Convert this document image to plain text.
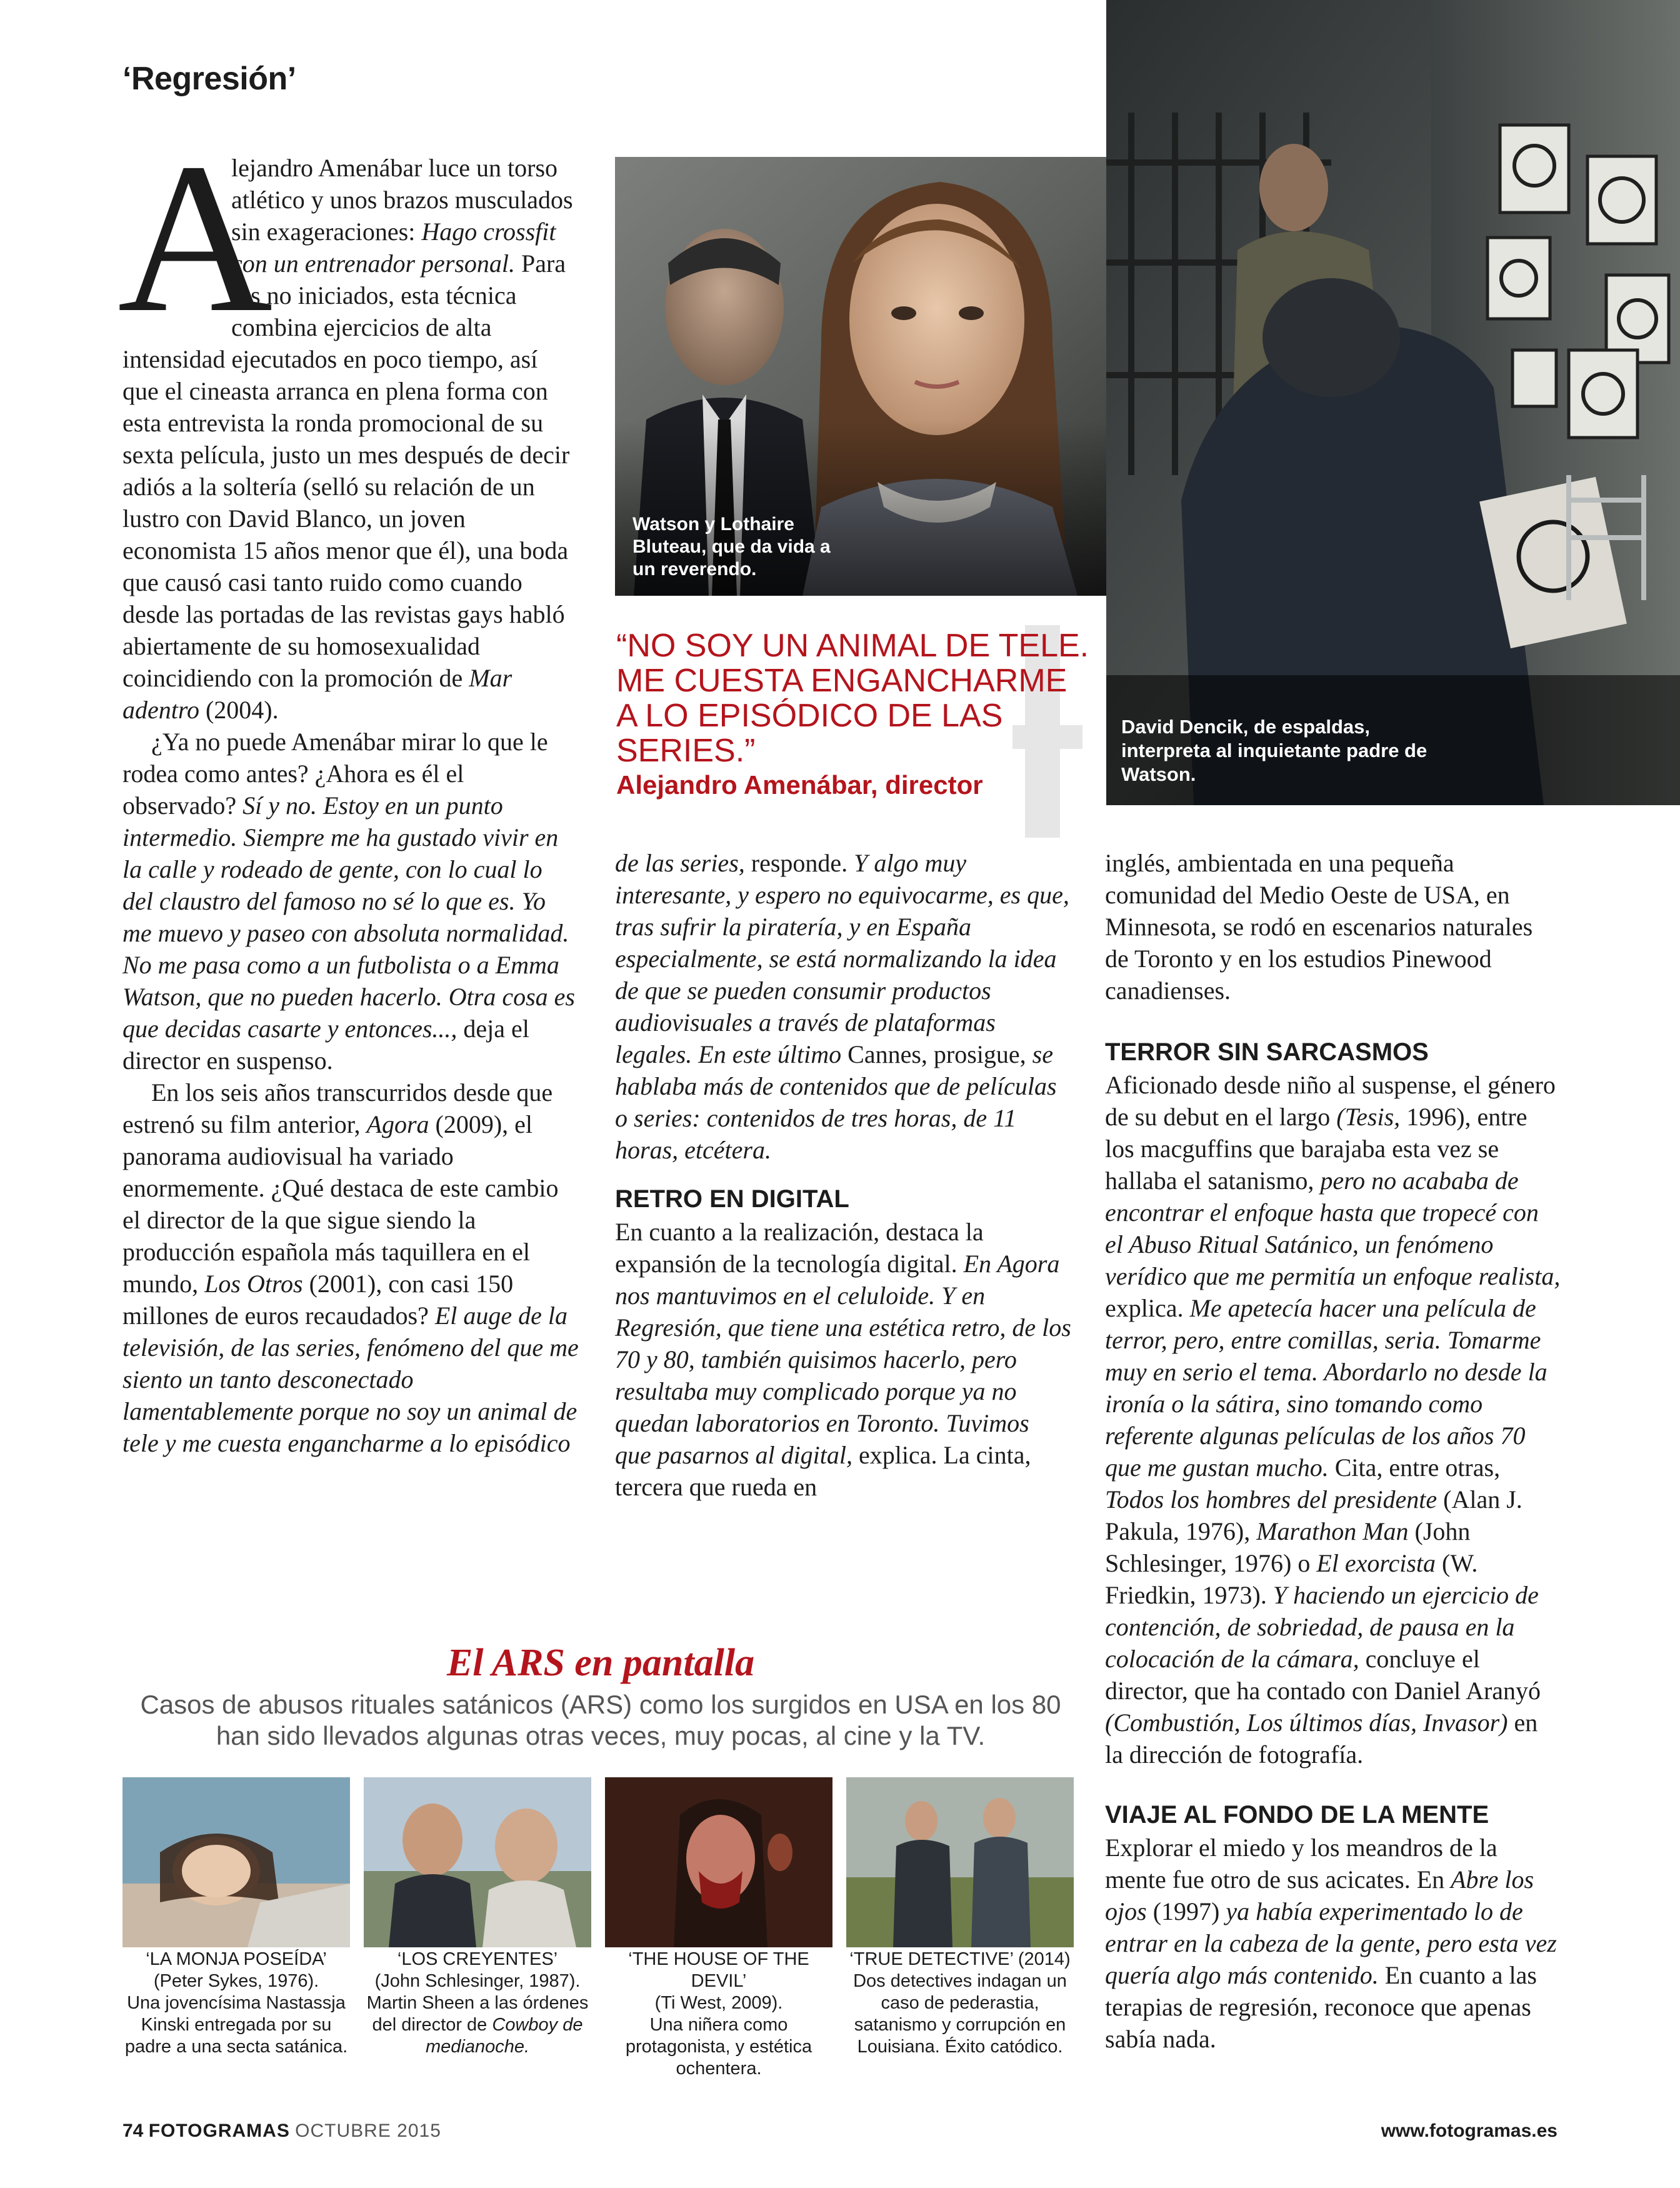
‘Regresión’
A

lejandro Amenábar luce un torso atlético y unos brazos musculados sin exageraciones: Hago crossfit con un entrenador personal. Para los no iniciados, esta técnica combina ejercicios de alta intensidad ejecutados en poco tiempo, así que el cineasta arranca en plena forma con esta entrevista la ronda promocional de su sexta película, justo un mes después de decir adiós a la soltería (selló su relación de un lustro con David Blanco, un joven economista 15 años menor que él), una boda que causó casi tanto ruido como cuando desde las portadas de las revistas gays habló abiertamente de su homosexualidad coincidiendo con la promoción de Mar adentro (2004).

¿Ya no puede Amenábar mirar lo que le rodea como antes? ¿Ahora es él el observado? Sí y no. Estoy en un punto intermedio. Siempre me ha gustado vivir en la calle y rodeado de gente, con lo cual lo del claustro del famoso no sé lo que es. Yo me muevo y paseo con absoluta normalidad. No me pasa como a un futbolista o a Emma Watson, que no pueden hacerlo. Otra cosa es que decidas casarte y entonces..., deja el director en suspenso.

En los seis años transcurridos desde que estrenó su film anterior, Agora (2009), el panorama audiovisual ha variado enormemente. ¿Qué destaca de este cambio el director de la que sigue siendo la producción española más taquillera en el mundo, Los Otros (2001), con casi 150 millones de euros recaudados? El auge de la televisión, de las series, fenómeno del que me siento un tanto desconectado lamentablemente porque no soy un animal de tele y me cuesta engancharme a lo episódico

Watson y Lothaire Bluteau, que da vida a un reverendo.
David Dencik, de espaldas, interpreta al inquietante padre de Watson.
“NO SOY UN ANIMAL DE TELE. ME CUESTA ENGANCHARME A LO EPISÓDICO DE LAS SERIES.”
Alejandro Amenábar, director

de las series, responde. Y algo muy interesante, y espero no equivocarme, es que, tras sufrir la piratería, y en España especialmente, se está normalizando la idea de que se pueden consumir productos audiovisuales a través de plataformas legales. En este último Cannes, prosigue, se hablaba más de contenidos que de películas o series: contenidos de tres horas, de 11 horas, etcétera.

RETRO EN DIGITAL

En cuanto a la realización, destaca la expansión de la tecnología digital. En Agora nos mantuvimos en el celuloide. Y en Regresión, que tiene una estética retro, de los 70 y 80, también quisimos hacerlo, pero resultaba muy complicado porque ya no quedan laboratorios en Toronto. Tuvimos que pasarnos al digital, explica. La cinta, tercera que rueda en

inglés, ambientada en una pequeña comunidad del Medio Oeste de USA, en Minnesota, se rodó en escenarios naturales de Toronto y en los estudios Pinewood canadienses.

TERROR SIN SARCASMOS

Aficionado desde niño al suspense, el género de su debut en el largo (Tesis, 1996), entre los macguffins que barajaba esta vez se hallaba el satanismo, pero no acababa de encontrar el enfoque hasta que tropecé con el Abuso Ritual Satánico, un fenómeno verídico que me permitía un enfoque realista, explica. Me apetecía hacer una película de terror, pero, entre comillas, seria. Tomarme muy en serio el tema. Abordarlo no desde la ironía o la sátira, sino tomando como referente algunas películas de los años 70 que me gustan mucho. Cita, entre otras, Todos los hombres del presidente (Alan J. Pakula, 1976), Marathon Man (John Schlesinger, 1976) o El exorcista (W. Friedkin, 1973). Y haciendo un ejercicio de contención, de sobriedad, de pausa en la colocación de la cámara, concluye el director, que ha contado con Daniel Aranyó (Combustión, Los últimos días, Invasor) en la dirección de fotografía.

VIAJE AL FONDO DE LA MENTE

Explorar el miedo y los meandros de la mente fue otro de sus acicates. En Abre los ojos (1997) ya había experimentado lo de entrar en la cabeza de la gente, pero esta vez quería algo más contenido. En cuanto a las terapias de regresión, reconoce que apenas sabía nada.

El ARS en pantalla
Casos de abusos rituales satánicos (ARS) como los surgidos en USA en los 80 han sido llevados algunas otras veces, muy pocas, al cine y la TV.
‘LA MONJA POSEÍDA’
(Peter Sykes, 1976).
Una jovencísima Nastassja Kinski entregada por su padre a una secta satánica.
‘LOS CREYENTES’
(John Schlesinger, 1987).
Martin Sheen a las órdenes del director de Cowboy de medianoche.
‘THE HOUSE OF THE DEVIL’
(Ti West, 2009).
Una niñera como protagonista, y estética ochentera.
‘TRUE DETECTIVE’ (2014)
Dos detectives indagan un caso de pederastia, satanismo y corrupción en Louisiana. Éxito catódico.
74 FOTOGRAMAS OCTUBRE 2015	www.fotogramas.es
